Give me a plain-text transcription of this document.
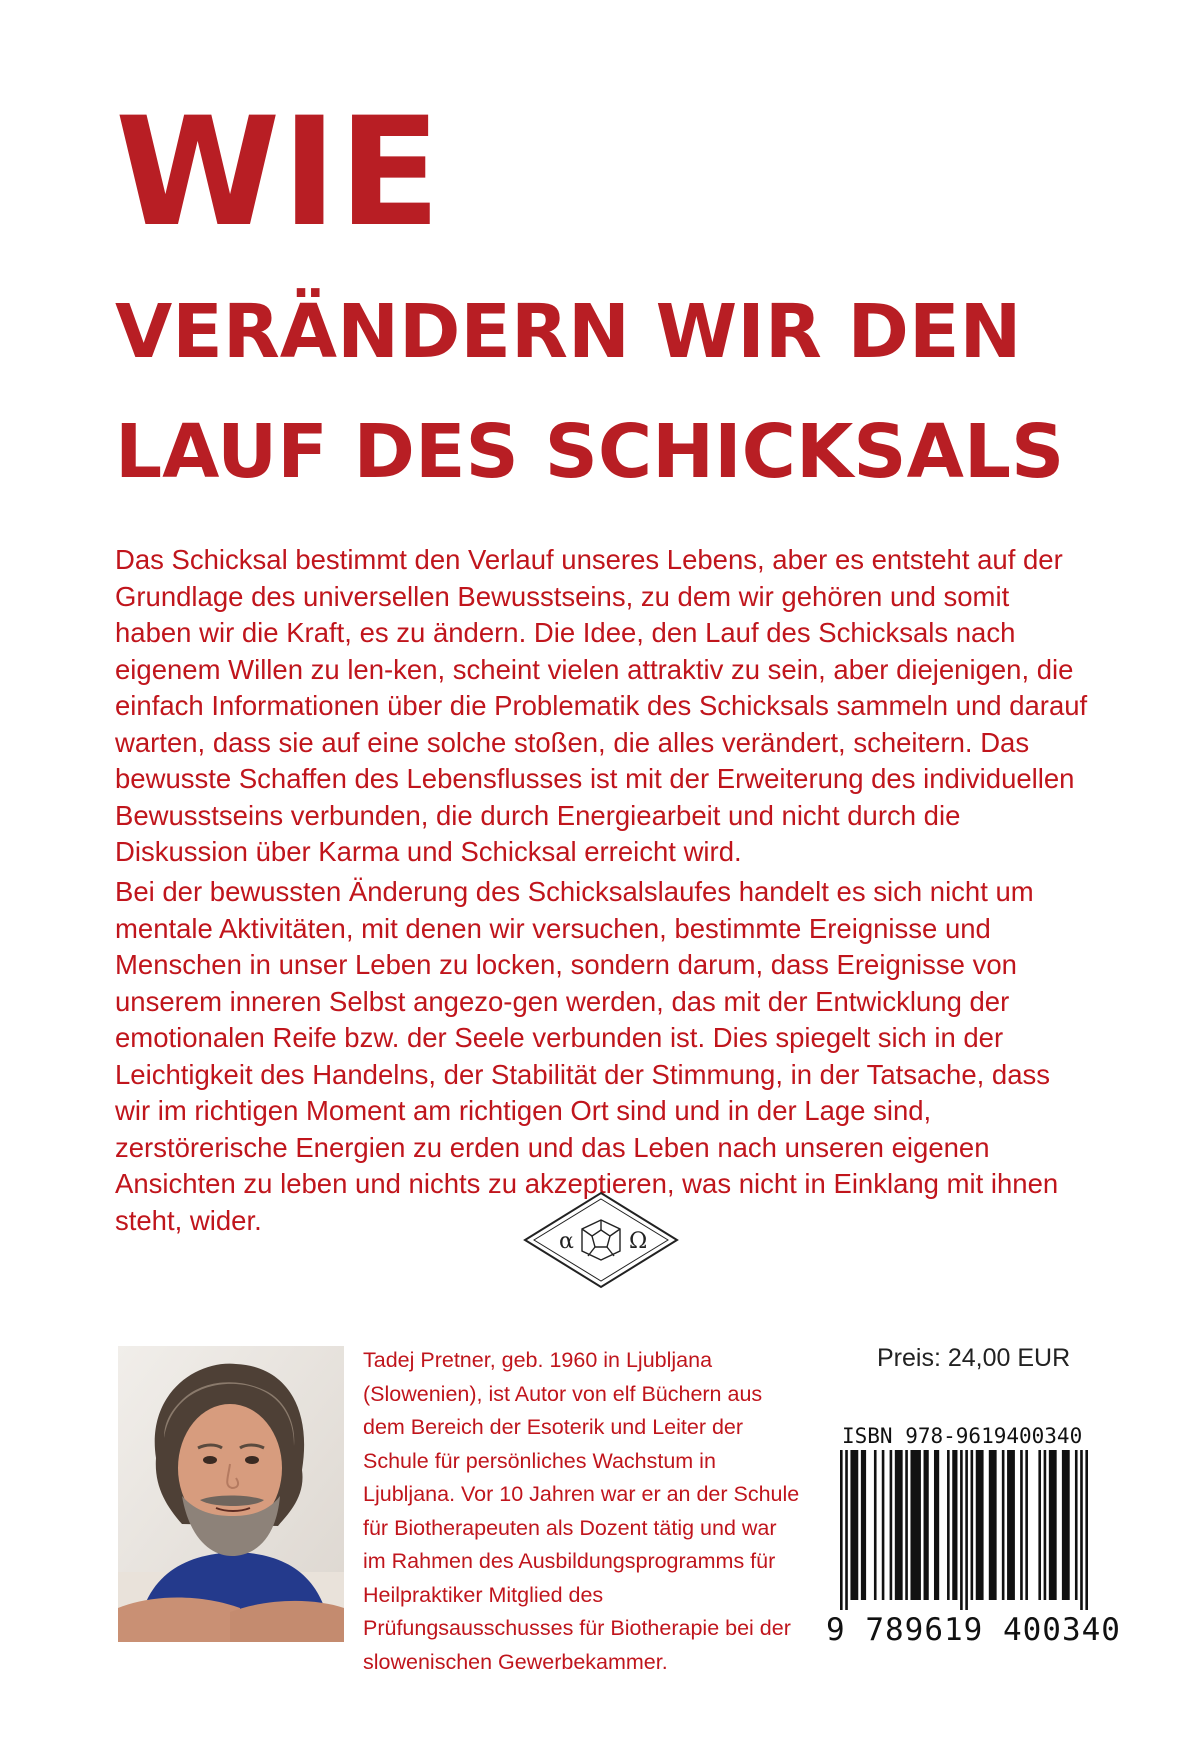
WIE
VERÄNDERN WIR DEN
LAUF DES SCHICKSALS

Das Schicksal bestimmt den Verlauf unseres Lebens, aber es entsteht auf der Grundlage des universellen Bewusstseins, zu dem wir gehören und somit haben wir die Kraft, es zu ändern. Die Idee, den Lauf des Schicksals nach eigenem Willen zu len-ken, scheint vielen attraktiv zu sein, aber diejenigen, die einfach Informationen über die Problematik des Schicksals sammeln und darauf warten, dass sie auf eine solche stoßen, die alles verändert, scheitern. Das bewusste Schaffen des Lebensflusses ist mit der Erweiterung des individuellen Bewusstseins verbunden, die durch Energiearbeit und nicht durch die Diskussion über Karma und Schicksal erreicht wird.

Bei der bewussten Änderung des Schicksalslaufes handelt es sich nicht um mentale Aktivitäten, mit denen wir versuchen, bestimmte Ereignisse und Menschen in unser Leben zu locken, sondern darum, dass Ereignisse von unserem inneren Selbst angezo-gen werden, das mit der Entwicklung der emotionalen Reife bzw. der Seele verbunden ist. Dies spiegelt sich in der Leichtigkeit des Handelns, der Stabilität der Stimmung, in der Tatsache, dass wir im richtigen Moment am richtigen Ort sind und in der Lage sind, zerstörerische Energien zu erden und das Leben nach unseren eigenen Ansichten zu leben und nichts zu akzeptieren, was nicht in Einklang mit ihnen steht, wider.

α	Ω

Tadej Pretner, geb. 1960 in Ljubljana (Slowenien), ist Autor von elf Büchern aus dem Bereich der Esoterik und Leiter der Schule für persönliches Wachstum in Ljubljana. Vor 10 Jahren war er an der Schule für Biotherapeuten als Dozent tätig und war im Rahmen des Ausbildungsprogramms für Heilpraktiker Mitglied des Prüfungsausschusses für Biotherapie bei der slowenischen Gewerbekammer.

Preis: 24,00 EUR

ISBN 978-9619400340

9 789619 400340
